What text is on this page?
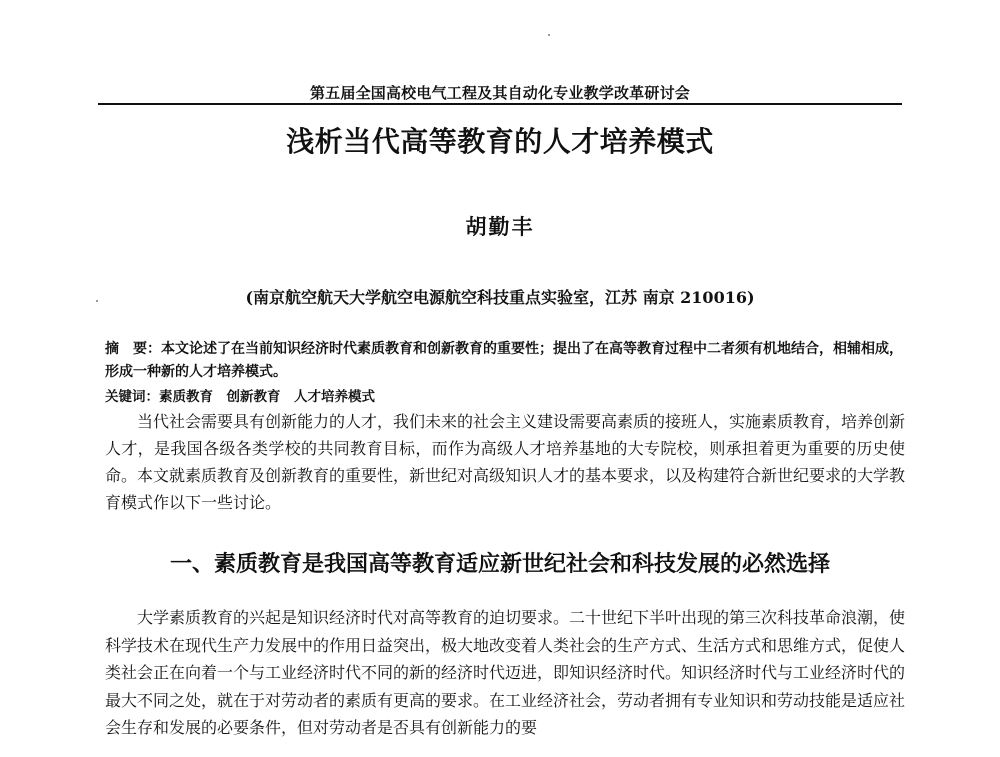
第五届全国高校电气工程及其自动化专业教学改革研讨会
浅析当代高等教育的人才培养模式
胡勤丰
(南京航空航天大学航空电源航空科技重点实验室，江苏 南京 210016)
摘　要：本文论述了在当前知识经济时代素质教育和创新教育的重要性；提出了在高等教育过程中二者须有机地结合，相辅相成，形成一种新的人才培养模式。
关键词：素质教育　创新教育　人才培养模式

当代社会需要具有创新能力的人才，我们未来的社会主义建设需要高素质的接班人，实施素质教育，培养创新人才，是我国各级各类学校的共同教育目标，而作为高级人才培养基地的大专院校，则承担着更为重要的历史使命。本文就素质教育及创新教育的重要性，新世纪对高级知识人才的基本要求，以及构建符合新世纪要求的大学教育模式作以下一些讨论。

一、素质教育是我国高等教育适应新世纪社会和科技发展的必然选择

大学素质教育的兴起是知识经济时代对高等教育的迫切要求。二十世纪下半叶出现的第三次科技革命浪潮，使科学技术在现代生产力发展中的作用日益突出，极大地改变着人类社会的生产方式、生活方式和思维方式，促使人类社会正在向着一个与工业经济时代不同的新的经济时代迈进，即知识经济时代。知识经济时代与工业经济时代的最大不同之处，就在于对劳动者的素质有更高的要求。在工业经济社会，劳动者拥有专业知识和劳动技能是适应社会生存和发展的必要条件，但对劳动者是否具有创新能力的要
